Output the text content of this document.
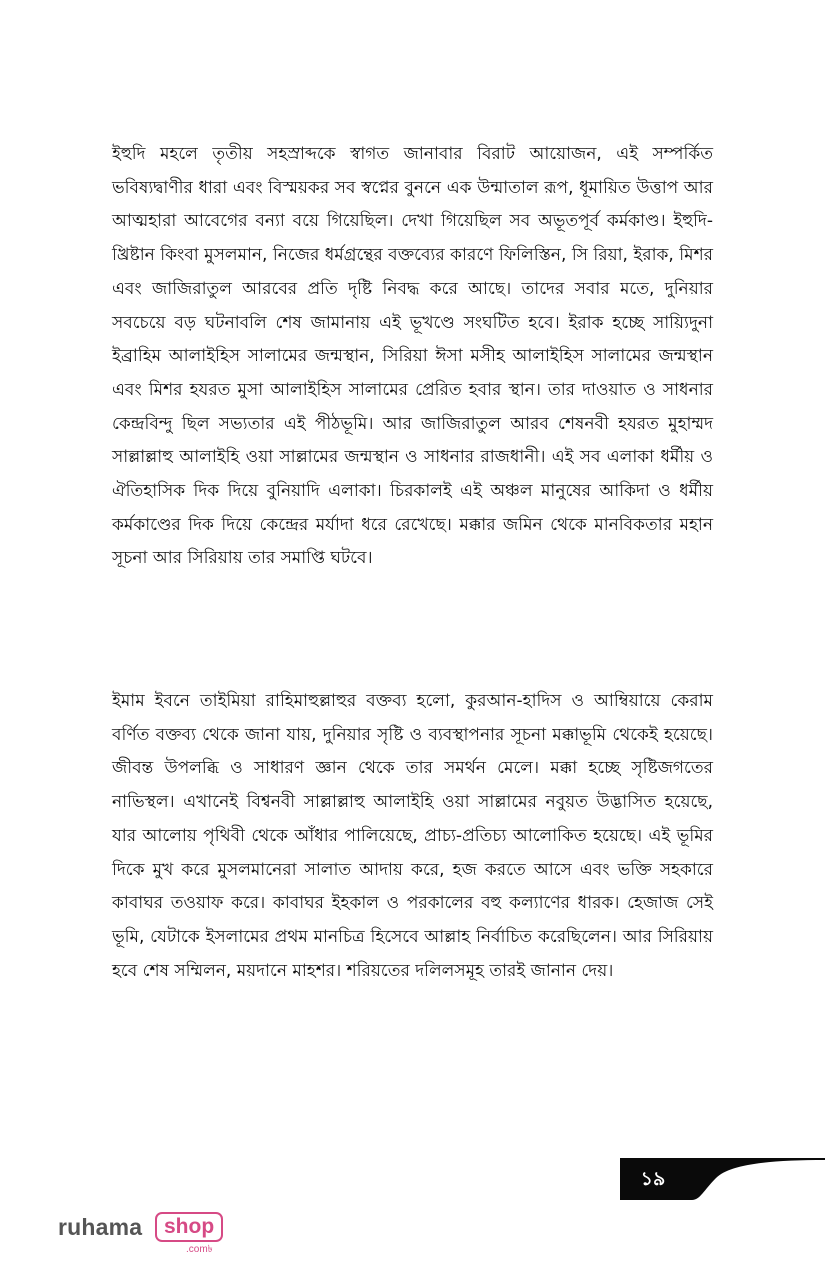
ইহুদি মহলে তৃতীয় সহস্রাব্দকে স্বাগত জানাবার বিরাট আয়োজন, এই সম্পর্কিত ভবিষ্যদ্বাণীর ধারা এবং বিস্ময়কর সব স্বপ্নের বুননে এক উন্মাতাল রূপ, ধূমায়িত উত্তাপ আর আত্মহারা আবেগের বন্যা বয়ে গিয়েছিল। দেখা গিয়েছিল সব অভূতপূর্ব কর্মকাণ্ড। ইহুদি-খ্রিষ্টান কিংবা মুসলমান, নিজের ধর্মগ্রন্থের বক্তব্যের কারণে ফিলিস্তিন, সি রিয়া, ইরাক, মিশর এবং জাজিরাতুল আরবের প্রতি দৃষ্টি নিবদ্ধ করে আছে। তাদের সবার মতে, দুনিয়ার সবচেয়ে বড় ঘটনাবলি শেষ জামানায় এই ভূখণ্ডে সংঘটিত হবে। ইরাক হচ্ছে সায়্যিদুনা ইব্রাহিম আলাইহিস সালামের জন্মস্থান, সিরিয়া ঈসা মসীহ আলাইহিস সালামের জন্মস্থান এবং মিশর হযরত মুসা আলাইহিস সালামের প্রেরিত হবার স্থান। তার দাওয়াত ও সাধনার কেন্দ্রবিন্দু ছিল সভ্যতার এই পীঠভূমি। আর জাজিরাতুল আরব শেষনবী হযরত মুহাম্মদ সাল্লাল্লাহু আলাইহি ওয়া সাল্লামের জন্মস্থান ও সাধনার রাজধানী। এই সব এলাকা ধর্মীয় ও ঐতিহাসিক দিক দিয়ে বুনিয়াদি এলাকা। চিরকালই এই অঞ্চল মানুষের আকিদা ও ধর্মীয় কর্মকাণ্ডের দিক দিয়ে কেন্দ্রের মর্যাদা ধরে রেখেছে। মক্কার জমিন থেকে মানবিকতার মহান সূচনা আর সিরিয়ায় তার সমাপ্তি ঘটবে।
ইমাম ইবনে তাইমিয়া রাহিমাহুল্লাহুর বক্তব্য হলো, কুরআন-হাদিস ও আম্বিয়ায়ে কেরাম বর্ণিত বক্তব্য থেকে জানা যায়, দুনিয়ার সৃষ্টি ও ব্যবস্থাপনার সূচনা মক্কাভূমি থেকেই হয়েছে। জীবন্ত উপলব্ধি ও সাধারণ জ্ঞান থেকে তার সমর্থন মেলে। মক্কা হচ্ছে সৃষ্টিজগতের নাভিস্থল। এখানেই বিশ্বনবী সাল্লাল্লাহু আলাইহি ওয়া সাল্লামের নবুয়ত উদ্ভাসিত হয়েছে, যার আলোয় পৃথিবী থেকে আঁধার পালিয়েছে, প্রাচ্য-প্রতিচ্য আলোকিত হয়েছে। এই ভূমির দিকে মুখ করে মুসলমানেরা সালাত আদায় করে, হজ করতে আসে এবং ভক্তি সহকারে কাবাঘর তওয়াফ করে। কাবাঘর ইহকাল ও পরকালের বহু কল্যাণের ধারক। হেজাজ সেই ভূমি, যেটাকে ইসলামের প্রথম মানচিত্র হিসেবে আল্লাহ নির্বাচিত করেছিলেন। আর সিরিয়ায় হবে শেষ সম্মিলন, ময়দানে মাহশর। শরিয়তের দলিলসমূহ তারই জানান দেয়।
১৯
ruhama	shop
.com৳
